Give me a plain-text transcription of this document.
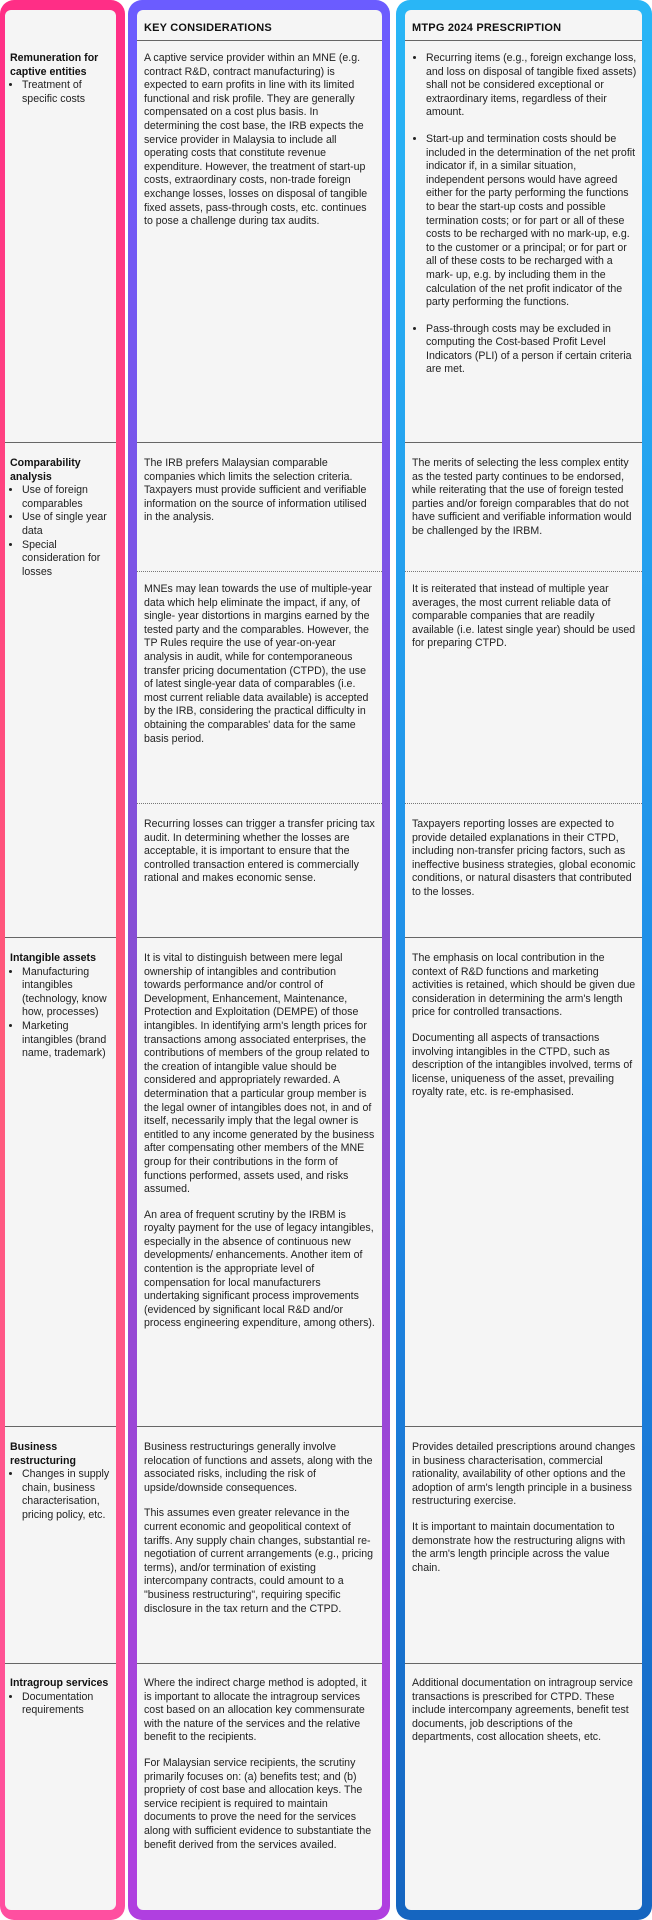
KEY CONSIDERATIONS	MTPG 2024 PRESCRIPTION
Remuneration for captive entities
• Treatment of specific costs

A captive service provider within an MNE (e.g. contract R&D, contract manufacturing) is expected to earn profits in line with its limited functional and risk profile. They are generally compensated on a cost plus basis. In determining the cost base, the IRB expects the service provider in Malaysia to include all operating costs that constitute revenue expenditure. However, the treatment of start-up costs, extraordinary costs, non-trade foreign exchange losses, losses on disposal of tangible fixed assets, pass-through costs, etc. continues to pose a challenge during tax audits.

• Recurring items (e.g., foreign exchange loss, and loss on disposal of tangible fixed assets) shall not be considered exceptional or extraordinary items, regardless of their amount.
• Start-up and termination costs should be included in the determination of the net profit indicator if, in a similar situation, independent persons would have agreed either for the party performing the functions to bear the start-up costs and possible termination costs; or for part or all of these costs to be recharged with no mark-up, e.g. to the customer or a principal; or for part or all of these costs to be recharged with a mark- up, e.g. by including them in the calculation of the net profit indicator of the party performing the functions.
• Pass-through costs may be excluded in computing the Cost-based Profit Level Indicators (PLI) of a person if certain criteria are met.
Comparability analysis
• Use of foreign comparables
• Use of single year data
• Special consideration for losses
The IRB prefers Malaysian comparable companies which limits the selection criteria. Taxpayers must provide sufficient and verifiable information on the source of information utilised in the analysis.
The merits of selecting the less complex entity as the tested party continues to be endorsed, while reiterating that the use of foreign tested parties and/or foreign comparables that do not have sufficient and verifiable information would be challenged by the IRBM.
MNEs may lean towards the use of multiple-year data which help eliminate the impact, if any, of single- year distortions in margins earned by the tested party and the comparables. However, the TP Rules require the use of year-on-year analysis in audit, while for contemporaneous transfer pricing documentation (CTPD), the use of latest single-year data of comparables (i.e. most current reliable data available) is accepted by the IRB, considering the practical difficulty in obtaining the comparables' data for the same basis period.
It is reiterated that instead of multiple year averages, the most current reliable data of comparable companies that are readily available (i.e. latest single year) should be used for preparing CTPD.
Recurring losses can trigger a transfer pricing tax audit. In determining whether the losses are acceptable, it is important to ensure that the controlled transaction entered is commercially rational and makes economic sense.
Taxpayers reporting losses are expected to provide detailed explanations in their CTPD, including non-transfer pricing factors, such as ineffective business strategies, global economic conditions, or natural disasters that contributed to the losses.
Intangible assets
• Manufacturing intangibles (technology, know how, processes)
• Marketing intangibles (brand name, trademark)

It is vital to distinguish between mere legal ownership of intangibles and contribution towards performance and/or control of Development, Enhancement, Maintenance, Protection and Exploitation (DEMPE) of those intangibles. In identifying arm's length prices for transactions among associated enterprises, the contributions of members of the group related to the creation of intangible value should be considered and appropriately rewarded. A determination that a particular group member is the legal owner of intangibles does not, in and of itself, necessarily imply that the legal owner is entitled to any income generated by the business after compensating other members of the MNE group for their contributions in the form of functions performed, assets used, and risks assumed.

An area of frequent scrutiny by the IRBM is royalty payment for the use of legacy intangibles, especially in the absence of continuous new developments/ enhancements. Another item of contention is the appropriate level of compensation for local manufacturers undertaking significant process improvements (evidenced by significant local R&D and/or process engineering expenditure, among others).

The emphasis on local contribution in the context of R&D functions and marketing activities is retained, which should be given due consideration in determining the arm's length price for controlled transactions.

Documenting all aspects of transactions involving intangibles in the CTPD, such as description of the intangibles involved, terms of license, uniqueness of the asset, prevailing royalty rate, etc. is re-emphasised.

Business restructuring
• Changes in supply chain, business characterisation, pricing policy, etc.

Business restructurings generally involve relocation of functions and assets, along with the associated risks, including the risk of upside/downside consequences.

This assumes even greater relevance in the current economic and geopolitical context of tariffs. Any supply chain changes, substantial re- negotiation of current arrangements (e.g., pricing terms), and/or termination of existing intercompany contracts, could amount to a "business restructuring", requiring specific disclosure in the tax return and the CTPD.

Provides detailed prescriptions around changes in business characterisation, commercial rationality, availability of other options and the adoption of arm's length principle in a business restructuring exercise.

It is important to maintain documentation to demonstrate how the restructuring aligns with the arm's length principle across the value chain.

Intragroup services
• Documentation requirements

Where the indirect charge method is adopted, it is important to allocate the intragroup services cost based on an allocation key commensurate with the nature of the services and the relative benefit to the recipients.

For Malaysian service recipients, the scrutiny primarily focuses on: (a) benefits test; and (b) propriety of cost base and allocation keys. The service recipient is required to maintain documents to prove the need for the services along with sufficient evidence to substantiate the benefit derived from the services availed.

Additional documentation on intragroup service transactions is prescribed for CTPD. These include intercompany agreements, benefit test documents, job descriptions of the departments, cost allocation sheets, etc.
